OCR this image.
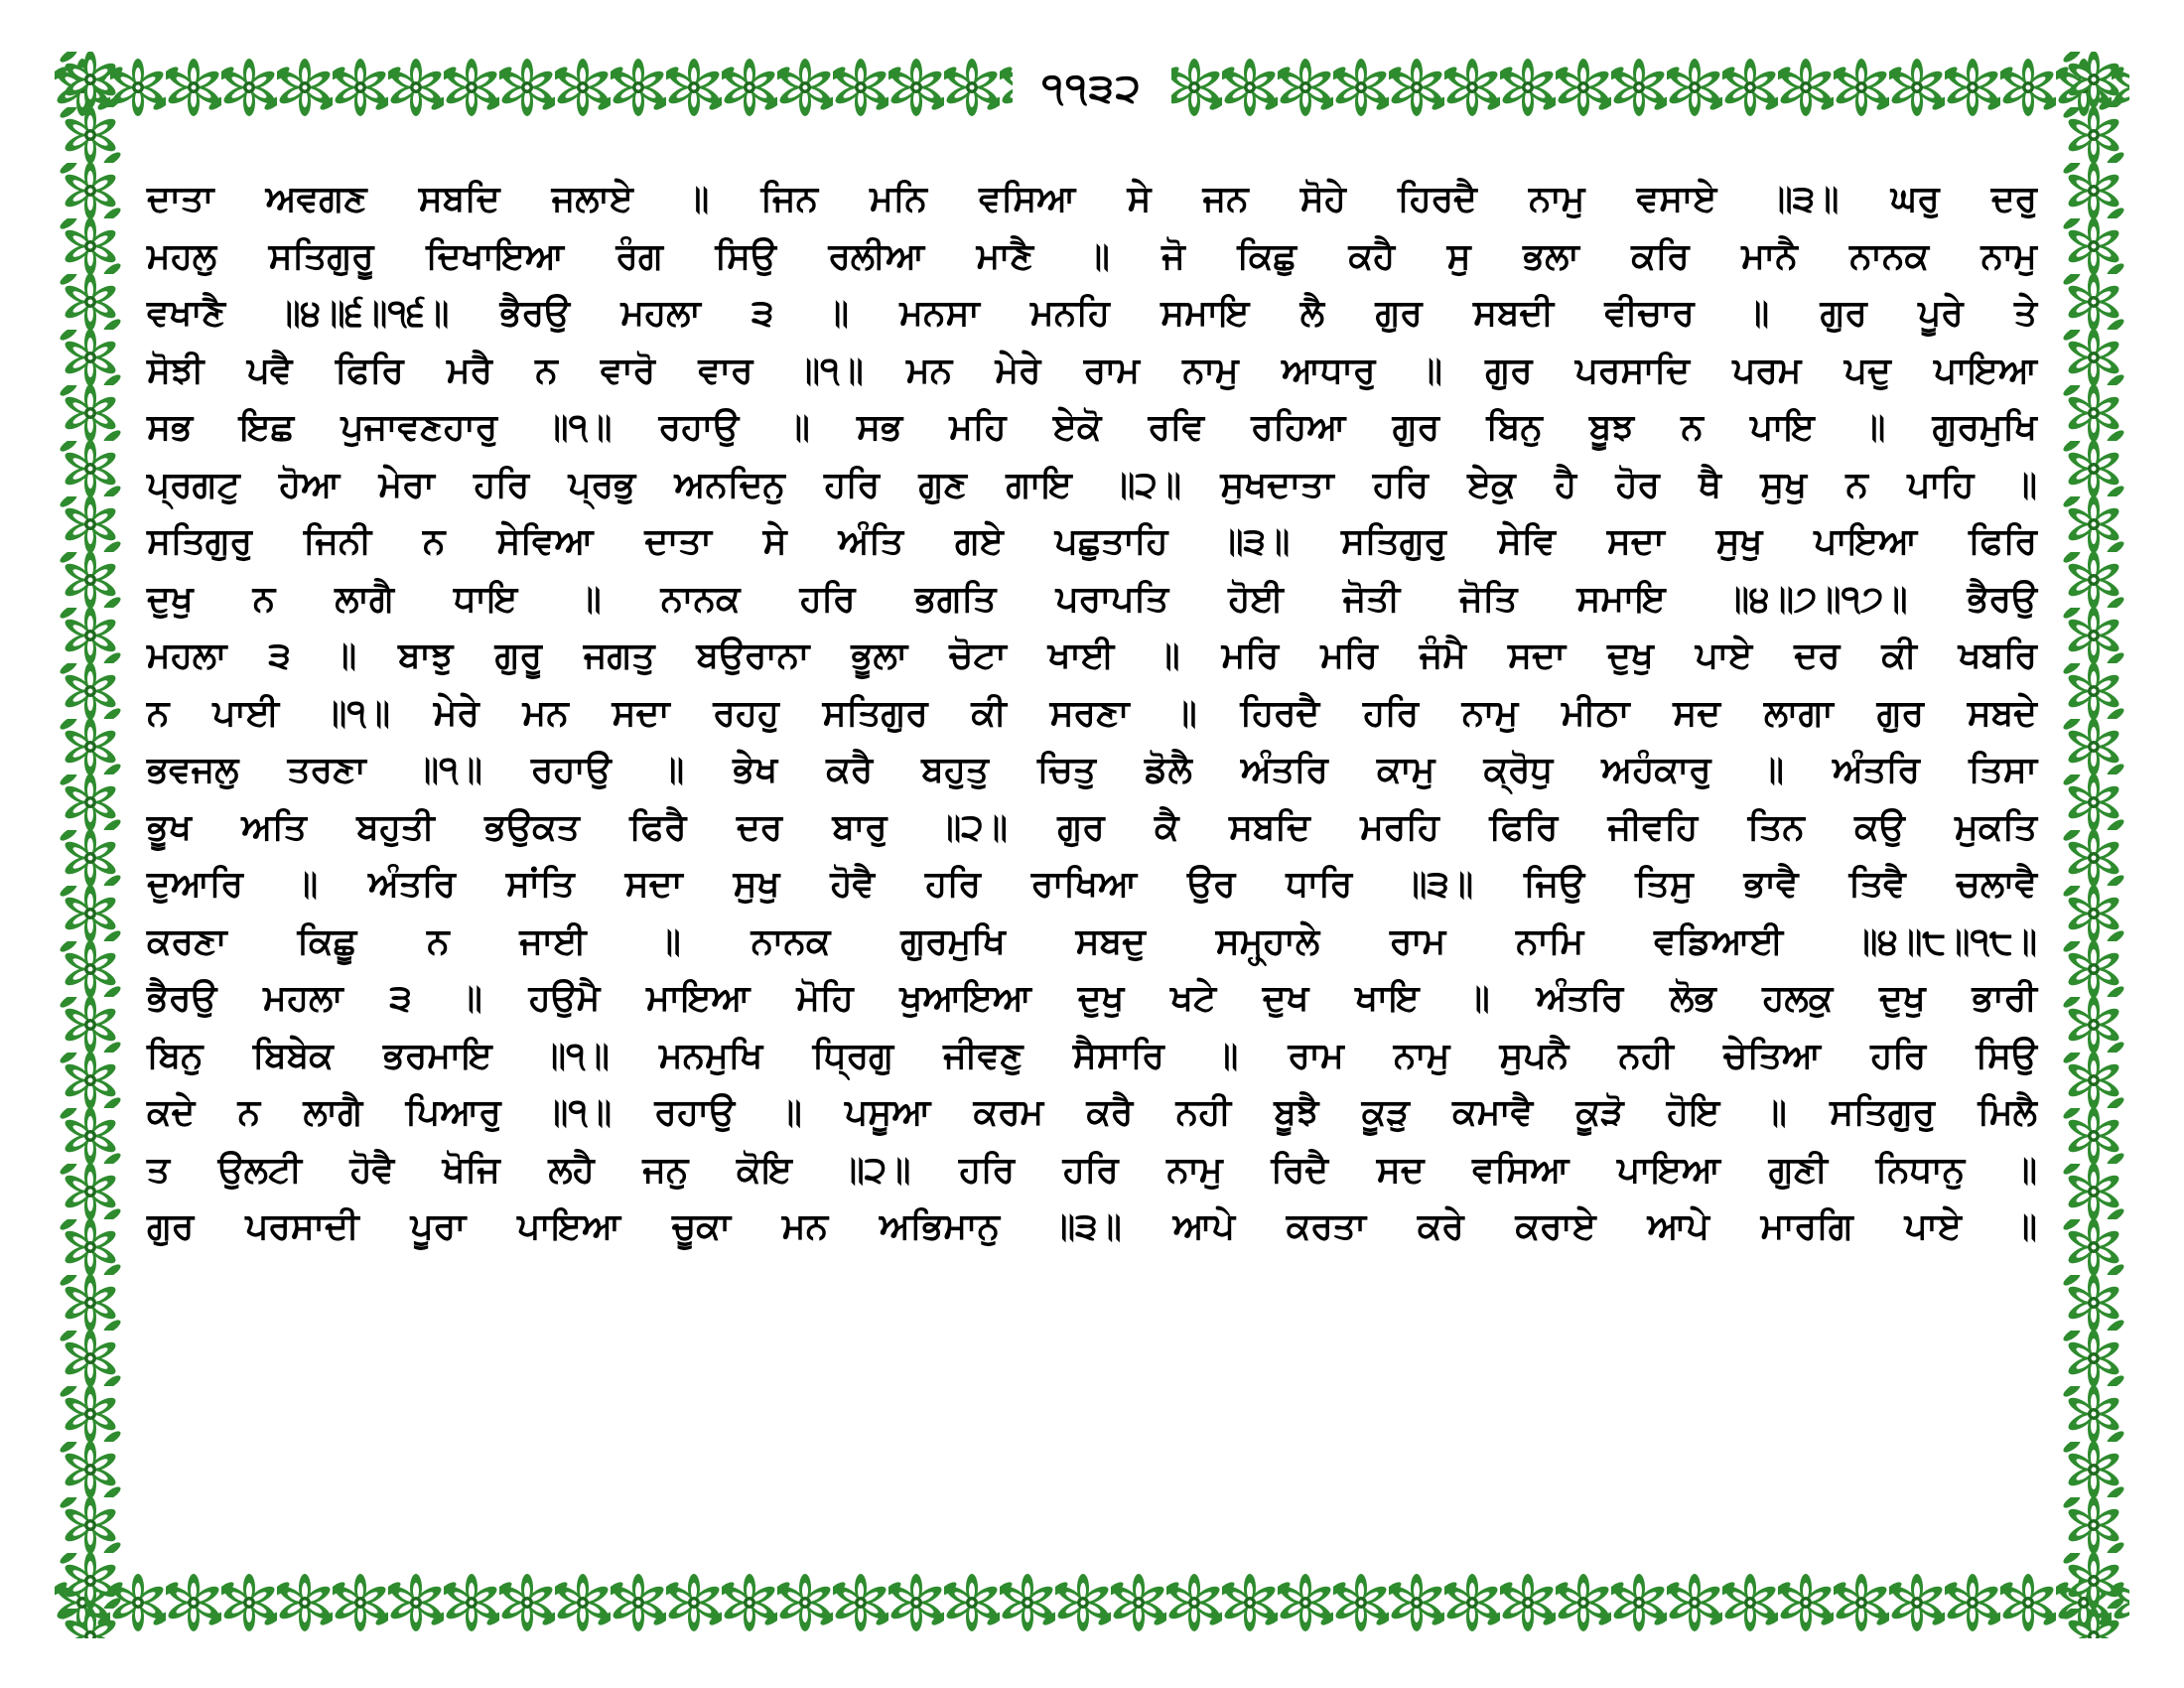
੧੧੩੨
ਦਾਤਾ ਅਵਗਣ ਸਬਦਿ ਜਲਾਏ ॥ ਜਿਨ ਮਨਿ ਵਸਿਆ ਸੇ ਜਨ ਸੋਹੇ ਹਿਰਦੈ ਨਾਮੁ ਵਸਾਏ ॥੩॥ ਘਰੁ ਦਰੁ
ਮਹਲੁ ਸਤਿਗੁਰੂ ਦਿਖਾਇਆ ਰੰਗ ਸਿਉ ਰਲੀਆ ਮਾਣੈ ॥ ਜੋ ਕਿਛੁ ਕਹੈ ਸੁ ਭਲਾ ਕਰਿ ਮਾਨੈ ਨਾਨਕ ਨਾਮੁ
ਵਖਾਣੈ ॥੪॥੬॥੧੬॥ ਭੈਰਉ ਮਹਲਾ ੩ ॥ ਮਨਸਾ ਮਨਹਿ ਸਮਾਇ ਲੈ ਗੁਰ ਸਬਦੀ ਵੀਚਾਰ ॥ ਗੁਰ ਪੂਰੇ ਤੇ
ਸੋਝੀ ਪਵੈ ਫਿਰਿ ਮਰੈ ਨ ਵਾਰੋ ਵਾਰ ॥੧॥ ਮਨ ਮੇਰੇ ਰਾਮ ਨਾਮੁ ਆਧਾਰੁ ॥ ਗੁਰ ਪਰਸਾਦਿ ਪਰਮ ਪਦੁ ਪਾਇਆ
ਸਭ ਇਛ ਪੁਜਾਵਣਹਾਰੁ ॥੧॥ ਰਹਾਉ ॥ ਸਭ ਮਹਿ ਏਕੋ ਰਵਿ ਰਹਿਆ ਗੁਰ ਬਿਨੁ ਬੂਝ ਨ ਪਾਇ ॥ ਗੁਰਮੁਖਿ
ਪ੍ਰਗਟੁ ਹੋਆ ਮੇਰਾ ਹਰਿ ਪ੍ਰਭੁ ਅਨਦਿਨੁ ਹਰਿ ਗੁਣ ਗਾਇ ॥੨॥ ਸੁਖਦਾਤਾ ਹਰਿ ਏਕੁ ਹੈ ਹੋਰ ਥੈ ਸੁਖੁ ਨ ਪਾਹਿ ॥
ਸਤਿਗੁਰੁ ਜਿਨੀ ਨ ਸੇਵਿਆ ਦਾਤਾ ਸੇ ਅੰਤਿ ਗਏ ਪਛੁਤਾਹਿ ॥੩॥ ਸਤਿਗੁਰੁ ਸੇਵਿ ਸਦਾ ਸੁਖੁ ਪਾਇਆ ਫਿਰਿ
ਦੁਖੁ ਨ ਲਾਗੈ ਧਾਇ ॥ ਨਾਨਕ ਹਰਿ ਭਗਤਿ ਪਰਾਪਤਿ ਹੋਈ ਜੋਤੀ ਜੋਤਿ ਸਮਾਇ ॥੪॥੭॥੧੭॥ ਭੈਰਉ
ਮਹਲਾ ੩ ॥ ਬਾਝੁ ਗੁਰੂ ਜਗਤੁ ਬਉਰਾਨਾ ਭੂਲਾ ਚੋਟਾ ਖਾਈ ॥ ਮਰਿ ਮਰਿ ਜੰਮੈ ਸਦਾ ਦੁਖੁ ਪਾਏ ਦਰ ਕੀ ਖਬਰਿ
ਨ ਪਾਈ ॥੧॥ ਮੇਰੇ ਮਨ ਸਦਾ ਰਹਹੁ ਸਤਿਗੁਰ ਕੀ ਸਰਣਾ ॥ ਹਿਰਦੈ ਹਰਿ ਨਾਮੁ ਮੀਠਾ ਸਦ ਲਾਗਾ ਗੁਰ ਸਬਦੇ
ਭਵਜਲੁ ਤਰਣਾ ॥੧॥ ਰਹਾਉ ॥ ਭੇਖ ਕਰੈ ਬਹੁਤੁ ਚਿਤੁ ਡੋਲੈ ਅੰਤਰਿ ਕਾਮੁ ਕ੍ਰੋਧੁ ਅਹੰਕਾਰੁ ॥ ਅੰਤਰਿ ਤਿਸਾ
ਭੂਖ ਅਤਿ ਬਹੁਤੀ ਭਉਕਤ ਫਿਰੈ ਦਰ ਬਾਰੁ ॥੨॥ ਗੁਰ ਕੈ ਸਬਦਿ ਮਰਹਿ ਫਿਰਿ ਜੀਵਹਿ ਤਿਨ ਕਉ ਮੁਕਤਿ
ਦੁਆਰਿ ॥ ਅੰਤਰਿ ਸਾਂਤਿ ਸਦਾ ਸੁਖੁ ਹੋਵੈ ਹਰਿ ਰਾਖਿਆ ਉਰ ਧਾਰਿ ॥੩॥ ਜਿਉ ਤਿਸੁ ਭਾਵੈ ਤਿਵੈ ਚਲਾਵੈ
ਕਰਣਾ ਕਿਛੂ ਨ ਜਾਈ ॥ ਨਾਨਕ ਗੁਰਮੁਖਿ ਸਬਦੁ ਸਮ੍ਹ੍ਹਾਲੇ ਰਾਮ ਨਾਮਿ ਵਡਿਆਈ ॥੪॥੮॥੧੮॥
ਭੈਰਉ ਮਹਲਾ ੩ ॥ ਹਉਮੈ ਮਾਇਆ ਮੋਹਿ ਖੁਆਇਆ ਦੁਖੁ ਖਟੇ ਦੁਖ ਖਾਇ ॥ ਅੰਤਰਿ ਲੋਭ ਹਲਕੁ ਦੁਖੁ ਭਾਰੀ
ਬਿਨੁ ਬਿਬੇਕ ਭਰਮਾਇ ॥੧॥ ਮਨਮੁਖਿ ਧ੍ਰਿਗੁ ਜੀਵਣੁ ਸੈਸਾਰਿ ॥ ਰਾਮ ਨਾਮੁ ਸੁਪਨੈ ਨਹੀ ਚੇਤਿਆ ਹਰਿ ਸਿਉ
ਕਦੇ ਨ ਲਾਗੈ ਪਿਆਰੁ ॥੧॥ ਰਹਾਉ ॥ ਪਸੂਆ ਕਰਮ ਕਰੈ ਨਹੀ ਬੂਝੈ ਕੂੜੁ ਕਮਾਵੈ ਕੂੜੋ ਹੋਇ ॥ ਸਤਿਗੁਰੁ ਮਿਲੈ
ਤ ਉਲਟੀ ਹੋਵੈ ਖੋਜਿ ਲਹੈ ਜਨੁ ਕੋਇ ॥੨॥ ਹਰਿ ਹਰਿ ਨਾਮੁ ਰਿਦੈ ਸਦ ਵਸਿਆ ਪਾਇਆ ਗੁਣੀ ਨਿਧਾਨੁ ॥
ਗੁਰ ਪਰਸਾਦੀ ਪੂਰਾ ਪਾਇਆ ਚੂਕਾ ਮਨ ਅਭਿਮਾਨੁ ॥੩॥ ਆਪੇ ਕਰਤਾ ਕਰੇ ਕਰਾਏ ਆਪੇ ਮਾਰਗਿ ਪਾਏ ॥
